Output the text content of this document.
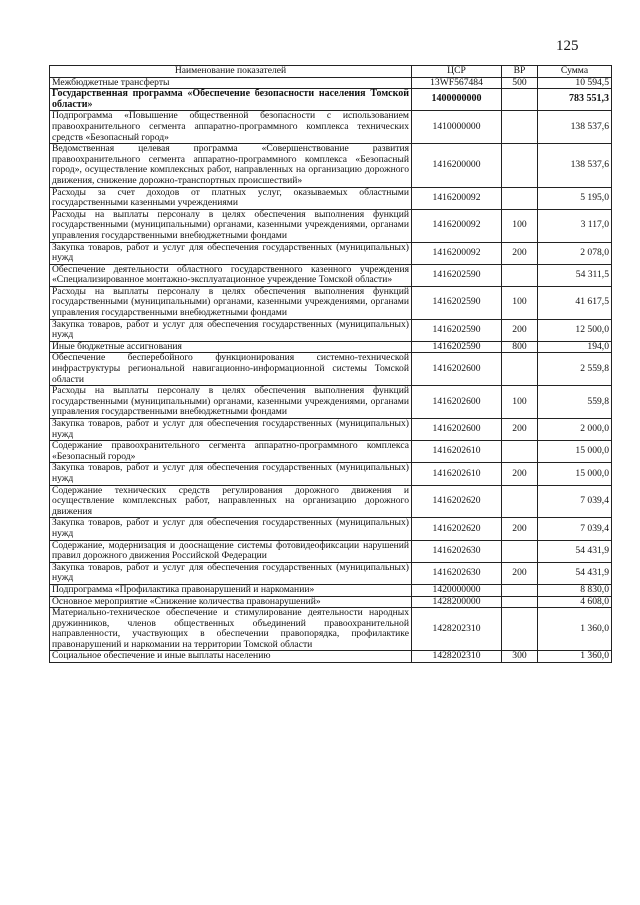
125
Наименование показателей	ЦСР	ВР	Сумма
Межбюджетные трансферты	13WF567484	500	10 594,5
Государственная программа «Обеспечение безопасности населения Томской области»	1400000000		783 551,3
Подпрограмма «Повышение общественной безопасности с использованием правоохранительного сегмента аппаратно-программного комплекса технических средств «Безопасный город»	1410000000		138 537,6
Ведомственная целевая программа «Совершенствование развития правоохранительного сегмента аппаратно-программного комплекса «Безопасный город», осуществление комплексных работ, направленных на организацию дорожного движения, снижение дорожно-транспортных происшествий»	1416200000		138 537,6
Расходы за счет доходов от платных услуг, оказываемых областными государственными казенными учреждениями	1416200092		5 195,0
Расходы на выплаты персоналу в целях обеспечения выполнения функций государственными (муниципальными) органами, казенными учреждениями, органами управления государственными внебюджетными фондами	1416200092	100	3 117,0
Закупка товаров, работ и услуг для обеспечения государственных (муниципальных) нужд	1416200092	200	2 078,0
Обеспечение деятельности областного государственного казенного учреждения «Специализированное монтажно-эксплуатационное учреждение Томской области»	1416202590		54 311,5
Расходы на выплаты персоналу в целях обеспечения выполнения функций государственными (муниципальными) органами, казенными учреждениями, органами управления государственными внебюджетными фондами	1416202590	100	41 617,5
Закупка товаров, работ и услуг для обеспечения государственных (муниципальных) нужд	1416202590	200	12 500,0
Иные бюджетные ассигнования	1416202590	800	194,0
Обеспечение бесперебойного функционирования системно-технической инфраструктуры региональной навигационно-информационной системы Томской области	1416202600		2 559,8
Расходы на выплаты персоналу в целях обеспечения выполнения функций государственными (муниципальными) органами, казенными учреждениями, органами управления государственными внебюджетными фондами	1416202600	100	559,8
Закупка товаров, работ и услуг для обеспечения государственных (муниципальных) нужд	1416202600	200	2 000,0
Содержание правоохранительного сегмента аппаратно-программного комплекса «Безопасный город»	1416202610		15 000,0
Закупка товаров, работ и услуг для обеспечения государственных (муниципальных) нужд	1416202610	200	15 000,0
Содержание технических средств регулирования дорожного движения и осуществление комплексных работ, направленных на организацию дорожного движения	1416202620		7 039,4
Закупка товаров, работ и услуг для обеспечения государственных (муниципальных) нужд	1416202620	200	7 039,4
Содержание, модернизация и дооснащение системы фотовидеофиксации нарушений правил дорожного движения Российской Федерации	1416202630		54 431,9
Закупка товаров, работ и услуг для обеспечения государственных (муниципальных) нужд	1416202630	200	54 431,9
Подпрограмма «Профилактика правонарушений и наркомании»	1420000000		8 830,0
Основное мероприятие «Снижение количества правонарушений»	1428200000		4 608,0
Материально-техническое обеспечение и стимулирование деятельности народных дружинников, членов общественных объединений правоохранительной направленности, участвующих в обеспечении правопорядка, профилактике правонарушений и наркомании на территории Томской области	1428202310		1 360,0
Социальное обеспечение и иные выплаты населению	1428202310	300	1 360,0
